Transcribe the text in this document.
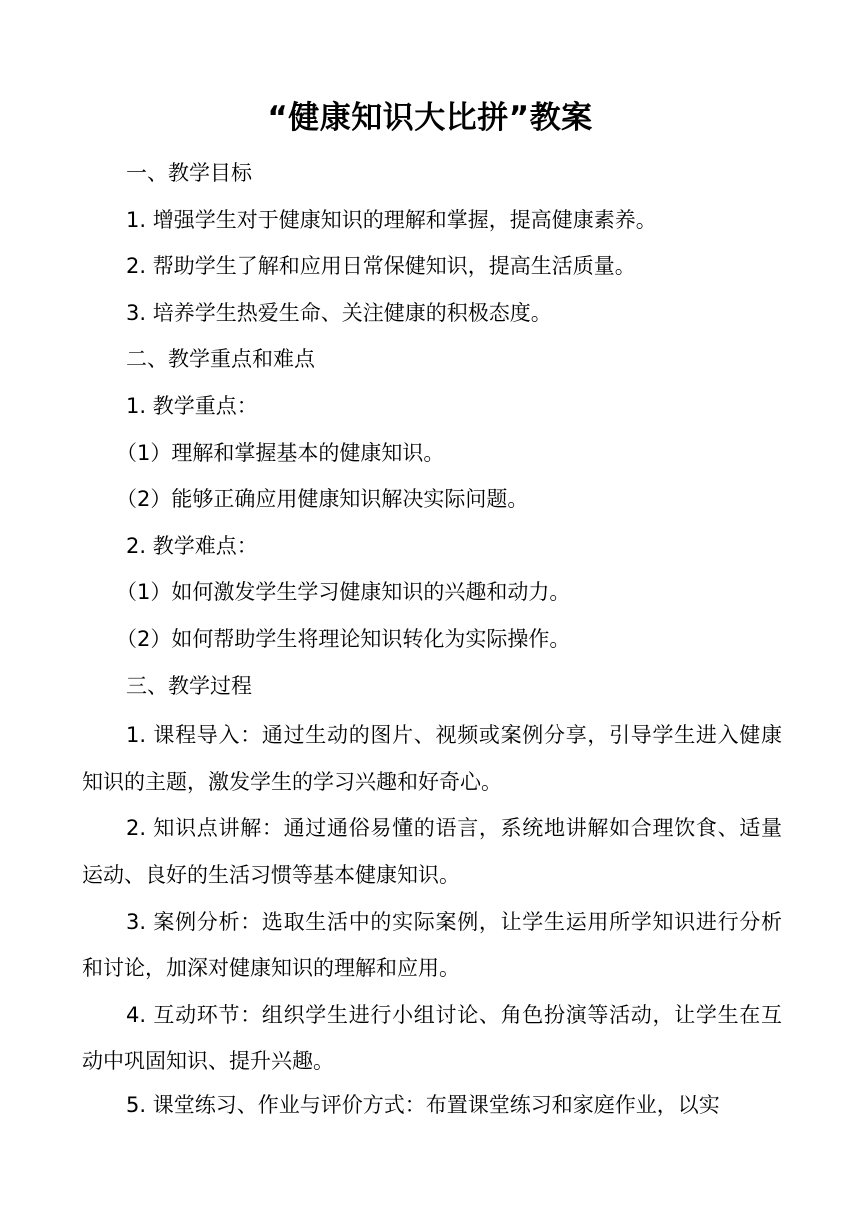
“健康知识大比拼”教案

一、教学目标

1. 增强学生对于健康知识的理解和掌握，提高健康素养。

2. 帮助学生了解和应用日常保健知识，提高生活质量。

3. 培养学生热爱生命、关注健康的积极态度。

二、教学重点和难点

1. 教学重点：

（1）理解和掌握基本的健康知识。

（2）能够正确应用健康知识解决实际问题。

2. 教学难点：

（1）如何激发学生学习健康知识的兴趣和动力。

（2）如何帮助学生将理论知识转化为实际操作。

三、教学过程

1. 课程导入：通过生动的图片、视频或案例分享，引导学生进入健康知识的主题，激发学生的学习兴趣和好奇心。

2. 知识点讲解：通过通俗易懂的语言，系统地讲解如合理饮食、适量运动、良好的生活习惯等基本健康知识。

3. 案例分析：选取生活中的实际案例，让学生运用所学知识进行分析和讨论，加深对健康知识的理解和应用。

4. 互动环节：组织学生进行小组讨论、角色扮演等活动，让学生在互动中巩固知识、提升兴趣。

5. 课堂练习、作业与评价方式：布置课堂练习和家庭作业，以实
